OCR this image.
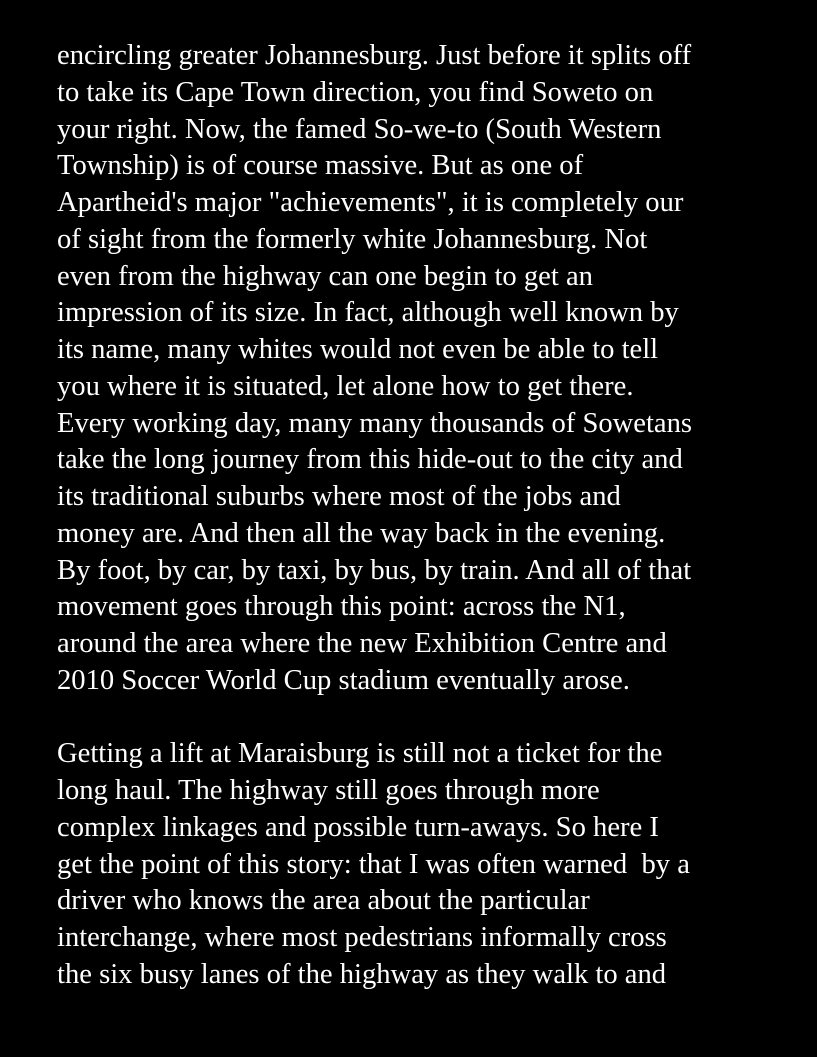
encircling greater Johannesburg. Just before it splits off
to take its Cape Town direction, you find Soweto on
your right. Now, the famed So-we-to (South Western
Township) is of course massive. But as one of
Apartheid's major "achievements", it is completely our
of sight from the formerly white Johannesburg. Not
even from the highway can one begin to get an
impression of its size. In fact, although well known by
its name, many whites would not even be able to tell
you where it is situated, let alone how to get there.
Every working day, many many thousands of Sowetans
take the long journey from this hide-out to the city and
its traditional suburbs where most of the jobs and
money are. And then all the way back in the evening.
By foot, by car, by taxi, by bus, by train. And all of that
movement goes through this point: across the N1,
around the area where the new Exhibition Centre and
2010 Soccer World Cup stadium eventually arose.
Getting a lift at Maraisburg is still not a ticket for the
long haul. The highway still goes through more
complex linkages and possible turn-aways. So here I
get the point of this story: that I was often warned  by a
driver who knows the area about the particular
interchange, where most pedestrians informally cross
the six busy lanes of the highway as they walk to and
